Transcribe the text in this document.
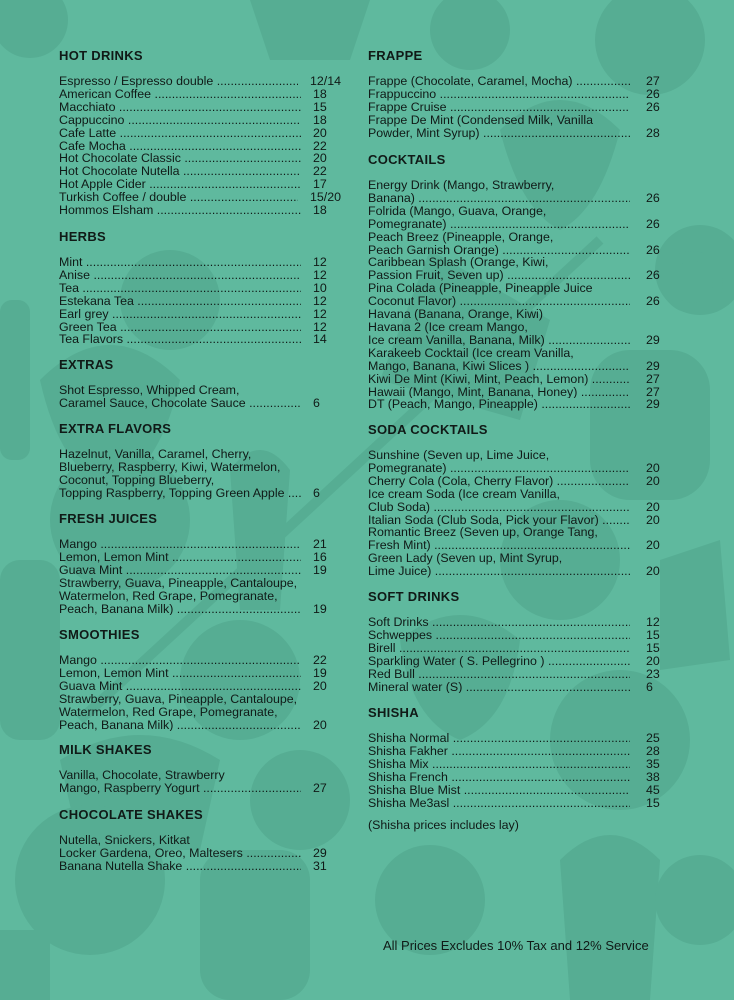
HOT DRINKS
Espresso / Espresso double .....	12/14
American Coffee .....	18
Macchiato .....	15
Cappuccino .....	18
Cafe Latte .....	20
Cafe Mocha .....	22
Hot Chocolate Classic .....	20
Hot Chocolate Nutella .....	22
Hot Apple Cider .....	17
Turkish Coffee / double .....	15/20
Hommos Elsham .....	18
HERBS
Mint .....	12
Anise .....	12
Tea .....	10
Estekana Tea .....	12
Earl grey .....	12
Green Tea .....	12
Tea Flavors .....	14
EXTRAS
Shot Espresso, Whipped Cream,
Caramel Sauce, Chocolate Sauce .....	6
EXTRA FLAVORS
Hazelnut, Vanilla, Caramel, Cherry,
Blueberry, Raspberry, Kiwi, Watermelon,
Coconut, Topping Blueberry,
Topping Raspberry, Topping Green Apple .....	6
FRESH JUICES
Mango .....	21
Lemon, Lemon Mint .....	16
Guava Mint .....	19
Strawberry, Guava, Pineapple, Cantaloupe,
Watermelon, Red Grape, Pomegranate,
Peach, Banana Milk) .....	19
SMOOTHIES
Mango .....	22
Lemon, Lemon Mint .....	19
Guava Mint .....	20
Strawberry, Guava, Pineapple, Cantaloupe,
Watermelon, Red Grape, Pomegranate,
Peach, Banana Milk) .....	20
MILK SHAKES
Vanilla, Chocolate, Strawberry
Mango, Raspberry Yogurt .....	27
CHOCOLATE SHAKES
Nutella, Snickers, Kitkat
Locker Gardena, Oreo, Maltesers .....	29
Banana Nutella Shake .....	31
FRAPPE
Frappe (Chocolate, Caramel, Mocha) .....	27
Frappuccino .....	26
Frappe Cruise .....	26
Frappe De Mint (Condensed Milk, Vanilla
Powder, Mint Syrup) .....	28
COCKTAILS
Energy Drink (Mango, Strawberry,
Banana) .....	26
Folrida (Mango, Guava, Orange,
Pomegranate) .....	26
Peach Breez (Pineapple, Orange,
Peach Garnish Orange) .....	26
Caribbean Splash (Orange, Kiwi,
Passion Fruit, Seven up) .....	26
Pina Colada (Pineapple, Pineapple Juice
Coconut Flavor) .....	26
Havana (Banana, Orange, Kiwi)
Havana 2 (Ice cream Mango,
Ice cream Vanilla, Banana, Milk) .....	29
Karakeeb Cocktail (Ice cream Vanilla,
Mango, Banana, Kiwi Slices ) .....	29
Kiwi De Mint (Kiwi, Mint, Peach, Lemon) .....	27
Hawaii (Mango, Mint, Banana, Honey) .....	27
DT (Peach, Mango, Pineapple) .....	29
SODA COCKTAILS
Sunshine (Seven up, Lime Juice,
Pomegranate) .....	20
Cherry Cola (Cola, Cherry Flavor) .....	20
Ice cream Soda (Ice cream Vanilla,
Club Soda) .....	20
Italian Soda (Club Soda, Pick your Flavor) .....	20
Romantic Breez (Seven up, Orange Tang,
Fresh Mint) .....	20
Green Lady (Seven up, Mint Syrup,
Lime Juice) .....	20
SOFT DRINKS
Soft Drinks .....	12
Schweppes .....	15
Birell .....	15
Sparkling Water ( S. Pellegrino ) .....	20
Red Bull .....	23
Mineral water (S) .....	6
SHISHA
Shisha Normal .....	25
Shisha Fakher .....	28
Shisha Mix .....	35
Shisha French .....	38
Shisha Blue Mist .....	45
Shisha Me3asl .....	15
(Shisha prices includes lay)
All Prices Excludes 10% Tax and 12% Service
